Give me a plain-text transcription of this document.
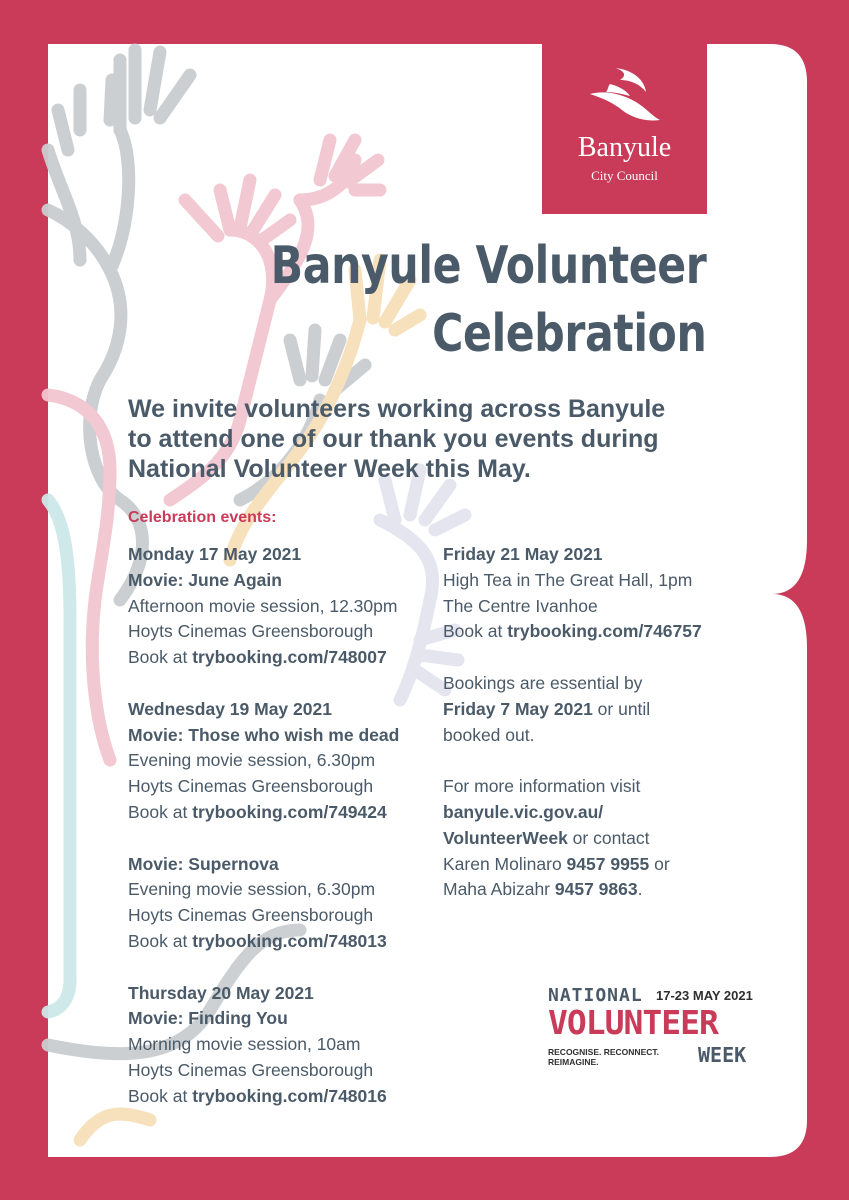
Banyule
City Council
Banyule Volunteer
Celebration
We invite volunteers working across Banyule
to attend one of our thank you events during
National Volunteer Week this May.
Celebration events:
Monday 17 May 2021
Movie: June Again
Afternoon movie session, 12.30pm
Hoyts Cinemas Greensborough
Book at trybooking.com/748007
Wednesday 19 May 2021
Movie: Those who wish me dead
Evening movie session, 6.30pm
Hoyts Cinemas Greensborough
Book at trybooking.com/749424
Movie: Supernova
Evening movie session, 6.30pm
Hoyts Cinemas Greensborough
Book at trybooking.com/748013
Thursday 20 May 2021
Movie: Finding You
Morning movie session, 10am
Hoyts Cinemas Greensborough
Book at trybooking.com/748016
Friday 21 May 2021
High Tea in The Great Hall, 1pm
The Centre Ivanhoe
Book at trybooking.com/746757
Bookings are essential by
Friday 7 May 2021 or until
booked out.
For more information visit
banyule.vic.gov.au/
VolunteerWeek or contact
Karen Molinaro 9457 9955 or
Maha Abizahr 9457 9863.
NATIONAL 17-23 MAY 2021
VOLUNTEER
RECOGNISE. RECONNECT.
REIMAGINE.	WEEK
